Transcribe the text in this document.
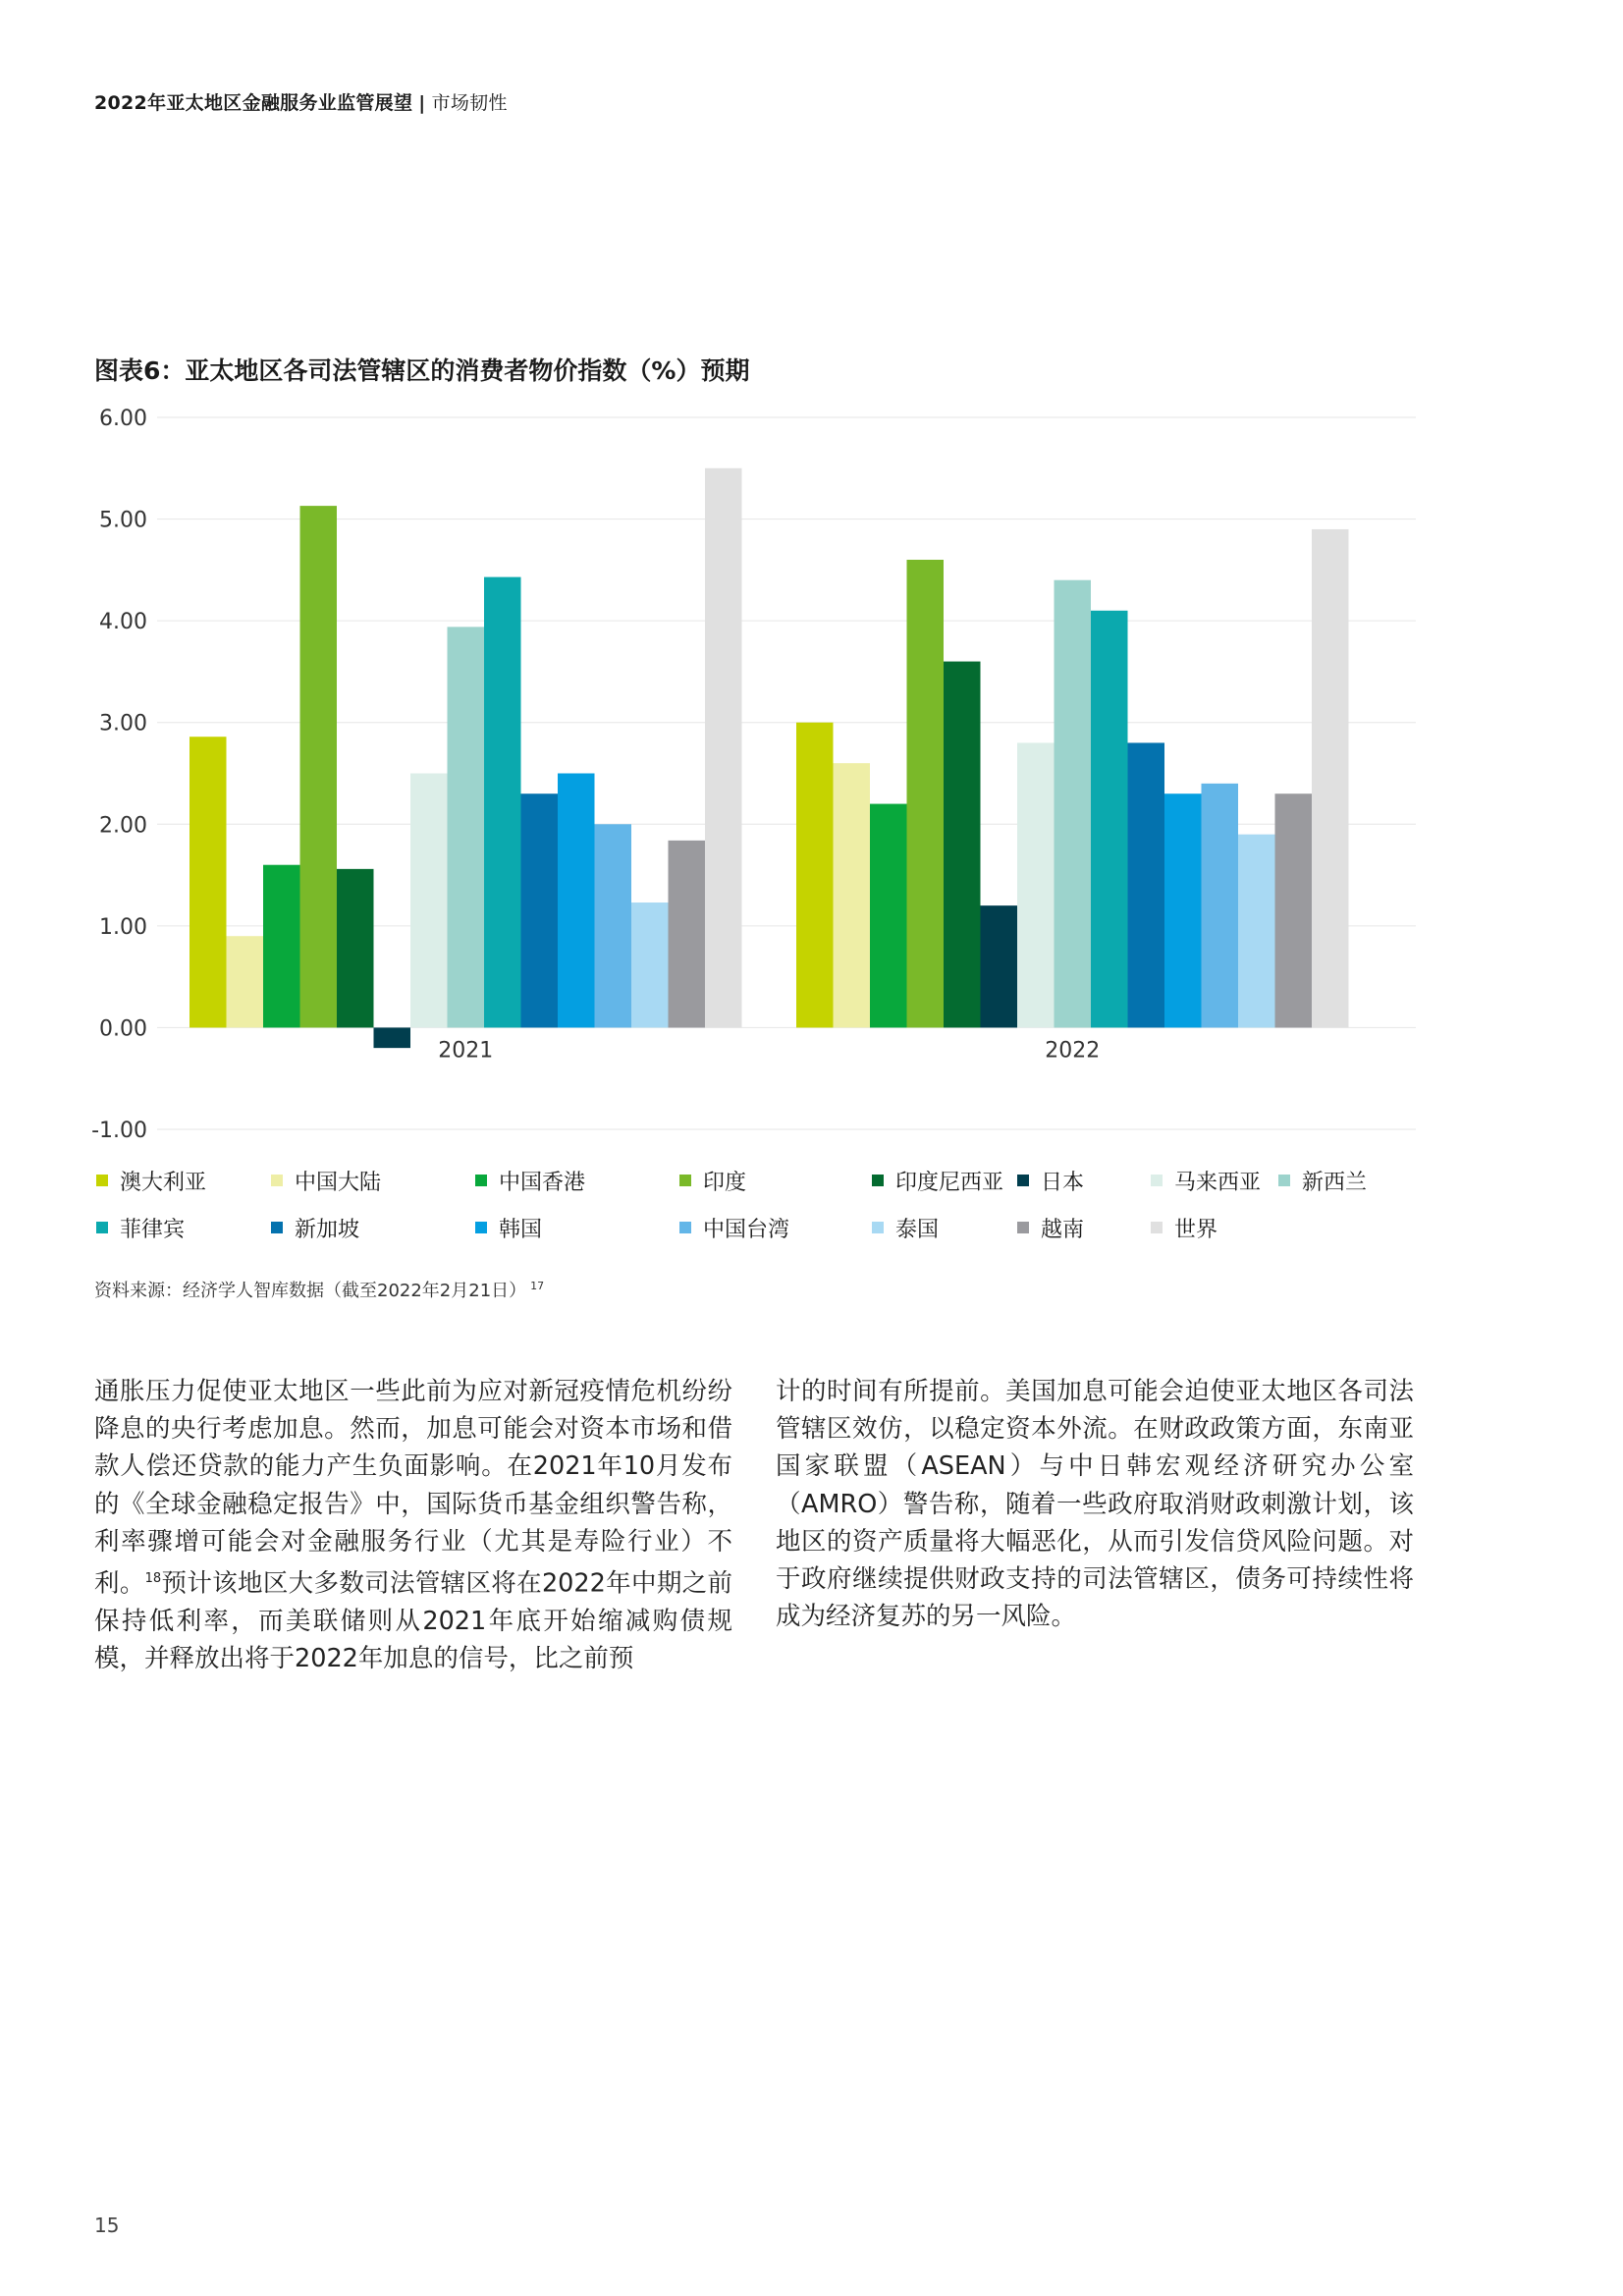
2022年亚太地区金融服务业监管展望 | 市场韧性
图表6：亚太地区各司法管辖区的消费者物价指数（%）预期
6.00
5.00
4.00
3.00
2.00
1.00
0.00
-1.00
2021	2022
澳大利亚	中国大陆	中国香港	印度	印度尼西亚 日本	马来西亚 新西兰
菲律宾	新加坡	韩国	中国台湾	泰国	越南	世界
资料来源：经济学人智库数据（截至2022年2月21日） $^{17}$
通胀压力促使亚太地区一些此前为应对新冠疫情危机纷纷降息的央行考虑加息。然而，加息可能会对资本市场和借款人偿还贷款的能力产生负面影响。在2021年10月发布的《全球金融稳定报告》中，国际货币基金组织警告称，利率骤增可能会对金融服务行业（尤其是寿险行业）不利。$^{18}$预计该地区大多数司法管辖区将在2022年中期之前保持低利率，而美联储则从2021年底开始缩减购债规模，并释放出将于2022年加息的信号，比之前预
计的时间有所提前。美国加息可能会迫使亚太地区各司法管辖区效仿，以稳定资本外流。在财政政策方面，东南亚国家联盟（ASEAN）与中日韩宏观经济研究办公室（AMRO）警告称，随着一些政府取消财政刺激计划，该地区的资产质量将大幅恶化，从而引发信贷风险问题。对于政府继续提供财政支持的司法管辖区，债务可持续性将成为经济复苏的另一风险。
15
